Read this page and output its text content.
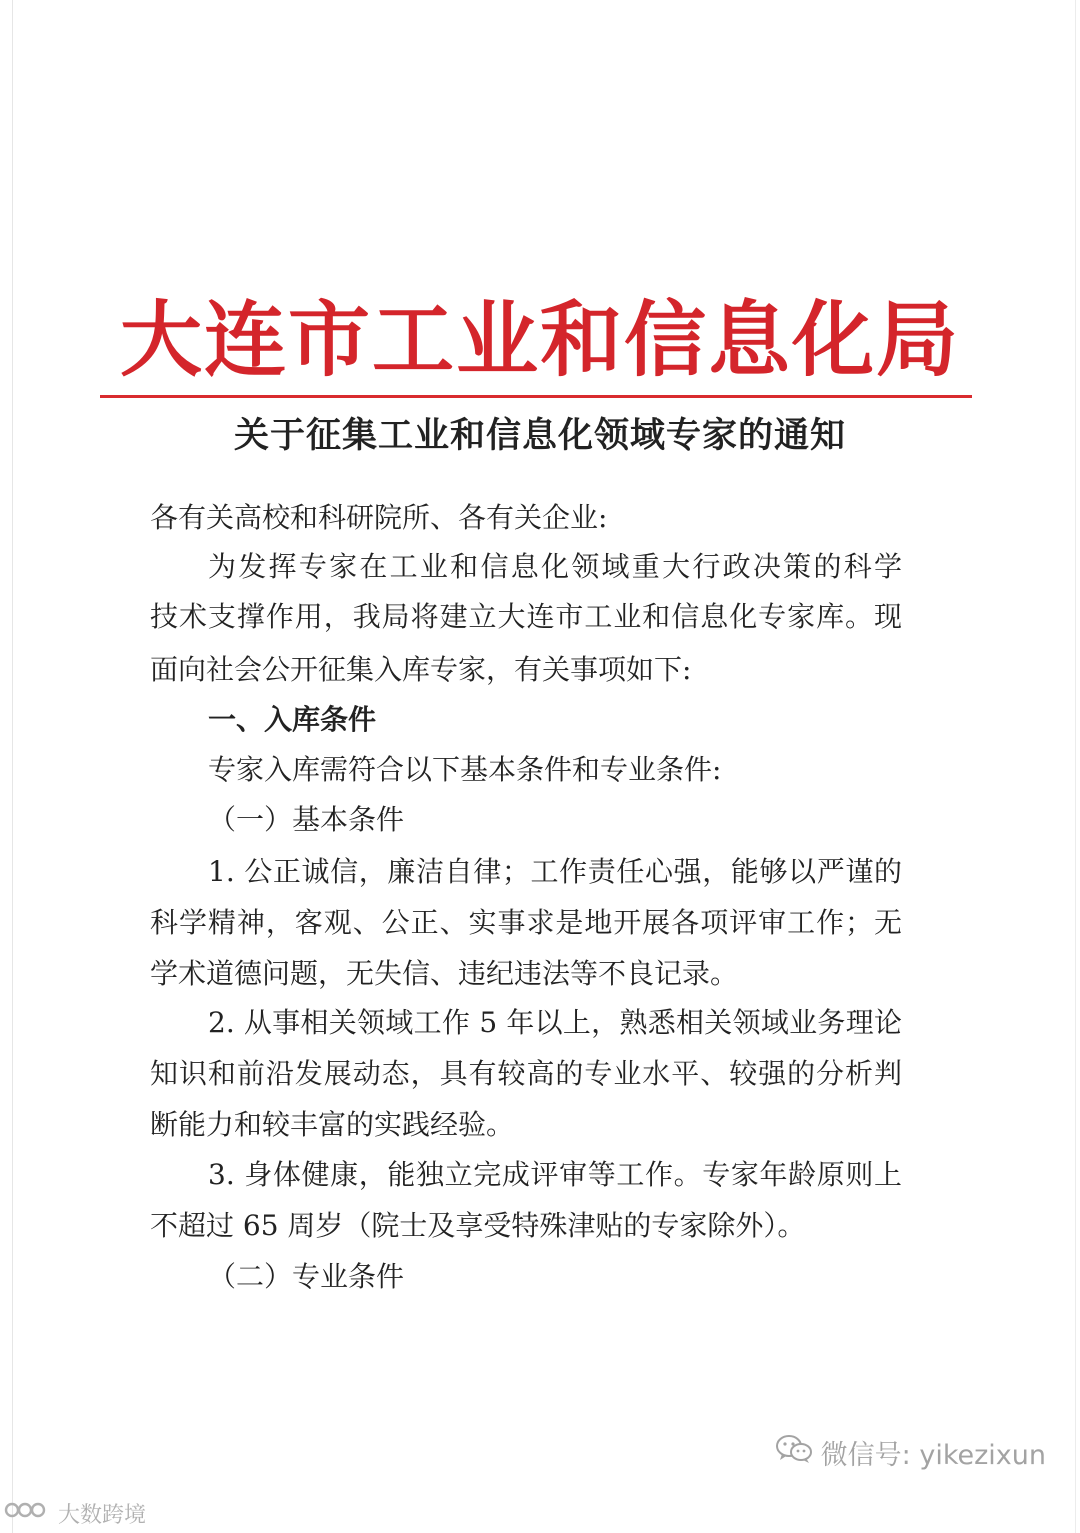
大连市工业和信息化局
关于征集工业和信息化领域专家的通知
各有关高校和科研院所、各有关企业:
为发挥专家在工业和信息化领域重大行政决策的科学
技术支撑作用，我局将建立大连市工业和信息化专家库。现
面向社会公开征集入库专家，有关事项如下:
一、入库条件
专家入库需符合以下基本条件和专业条件:
（一）基本条件
1. 公正诚信，廉洁自律；工作责任心强，能够以严谨的
科学精神，客观、公正、实事求是地开展各项评审工作；无
学术道德问题，无失信、违纪违法等不良记录。
2. 从事相关领域工作 5 年以上，熟悉相关领域业务理论
知识和前沿发展动态，具有较高的专业水平、较强的分析判
断能力和较丰富的实践经验。
3. 身体健康，能独立完成评审等工作。专家年龄原则上
不超过 65 周岁（院士及享受特殊津贴的专家除外）。
（二）专业条件
微信号: yikezixun
大数跨境
